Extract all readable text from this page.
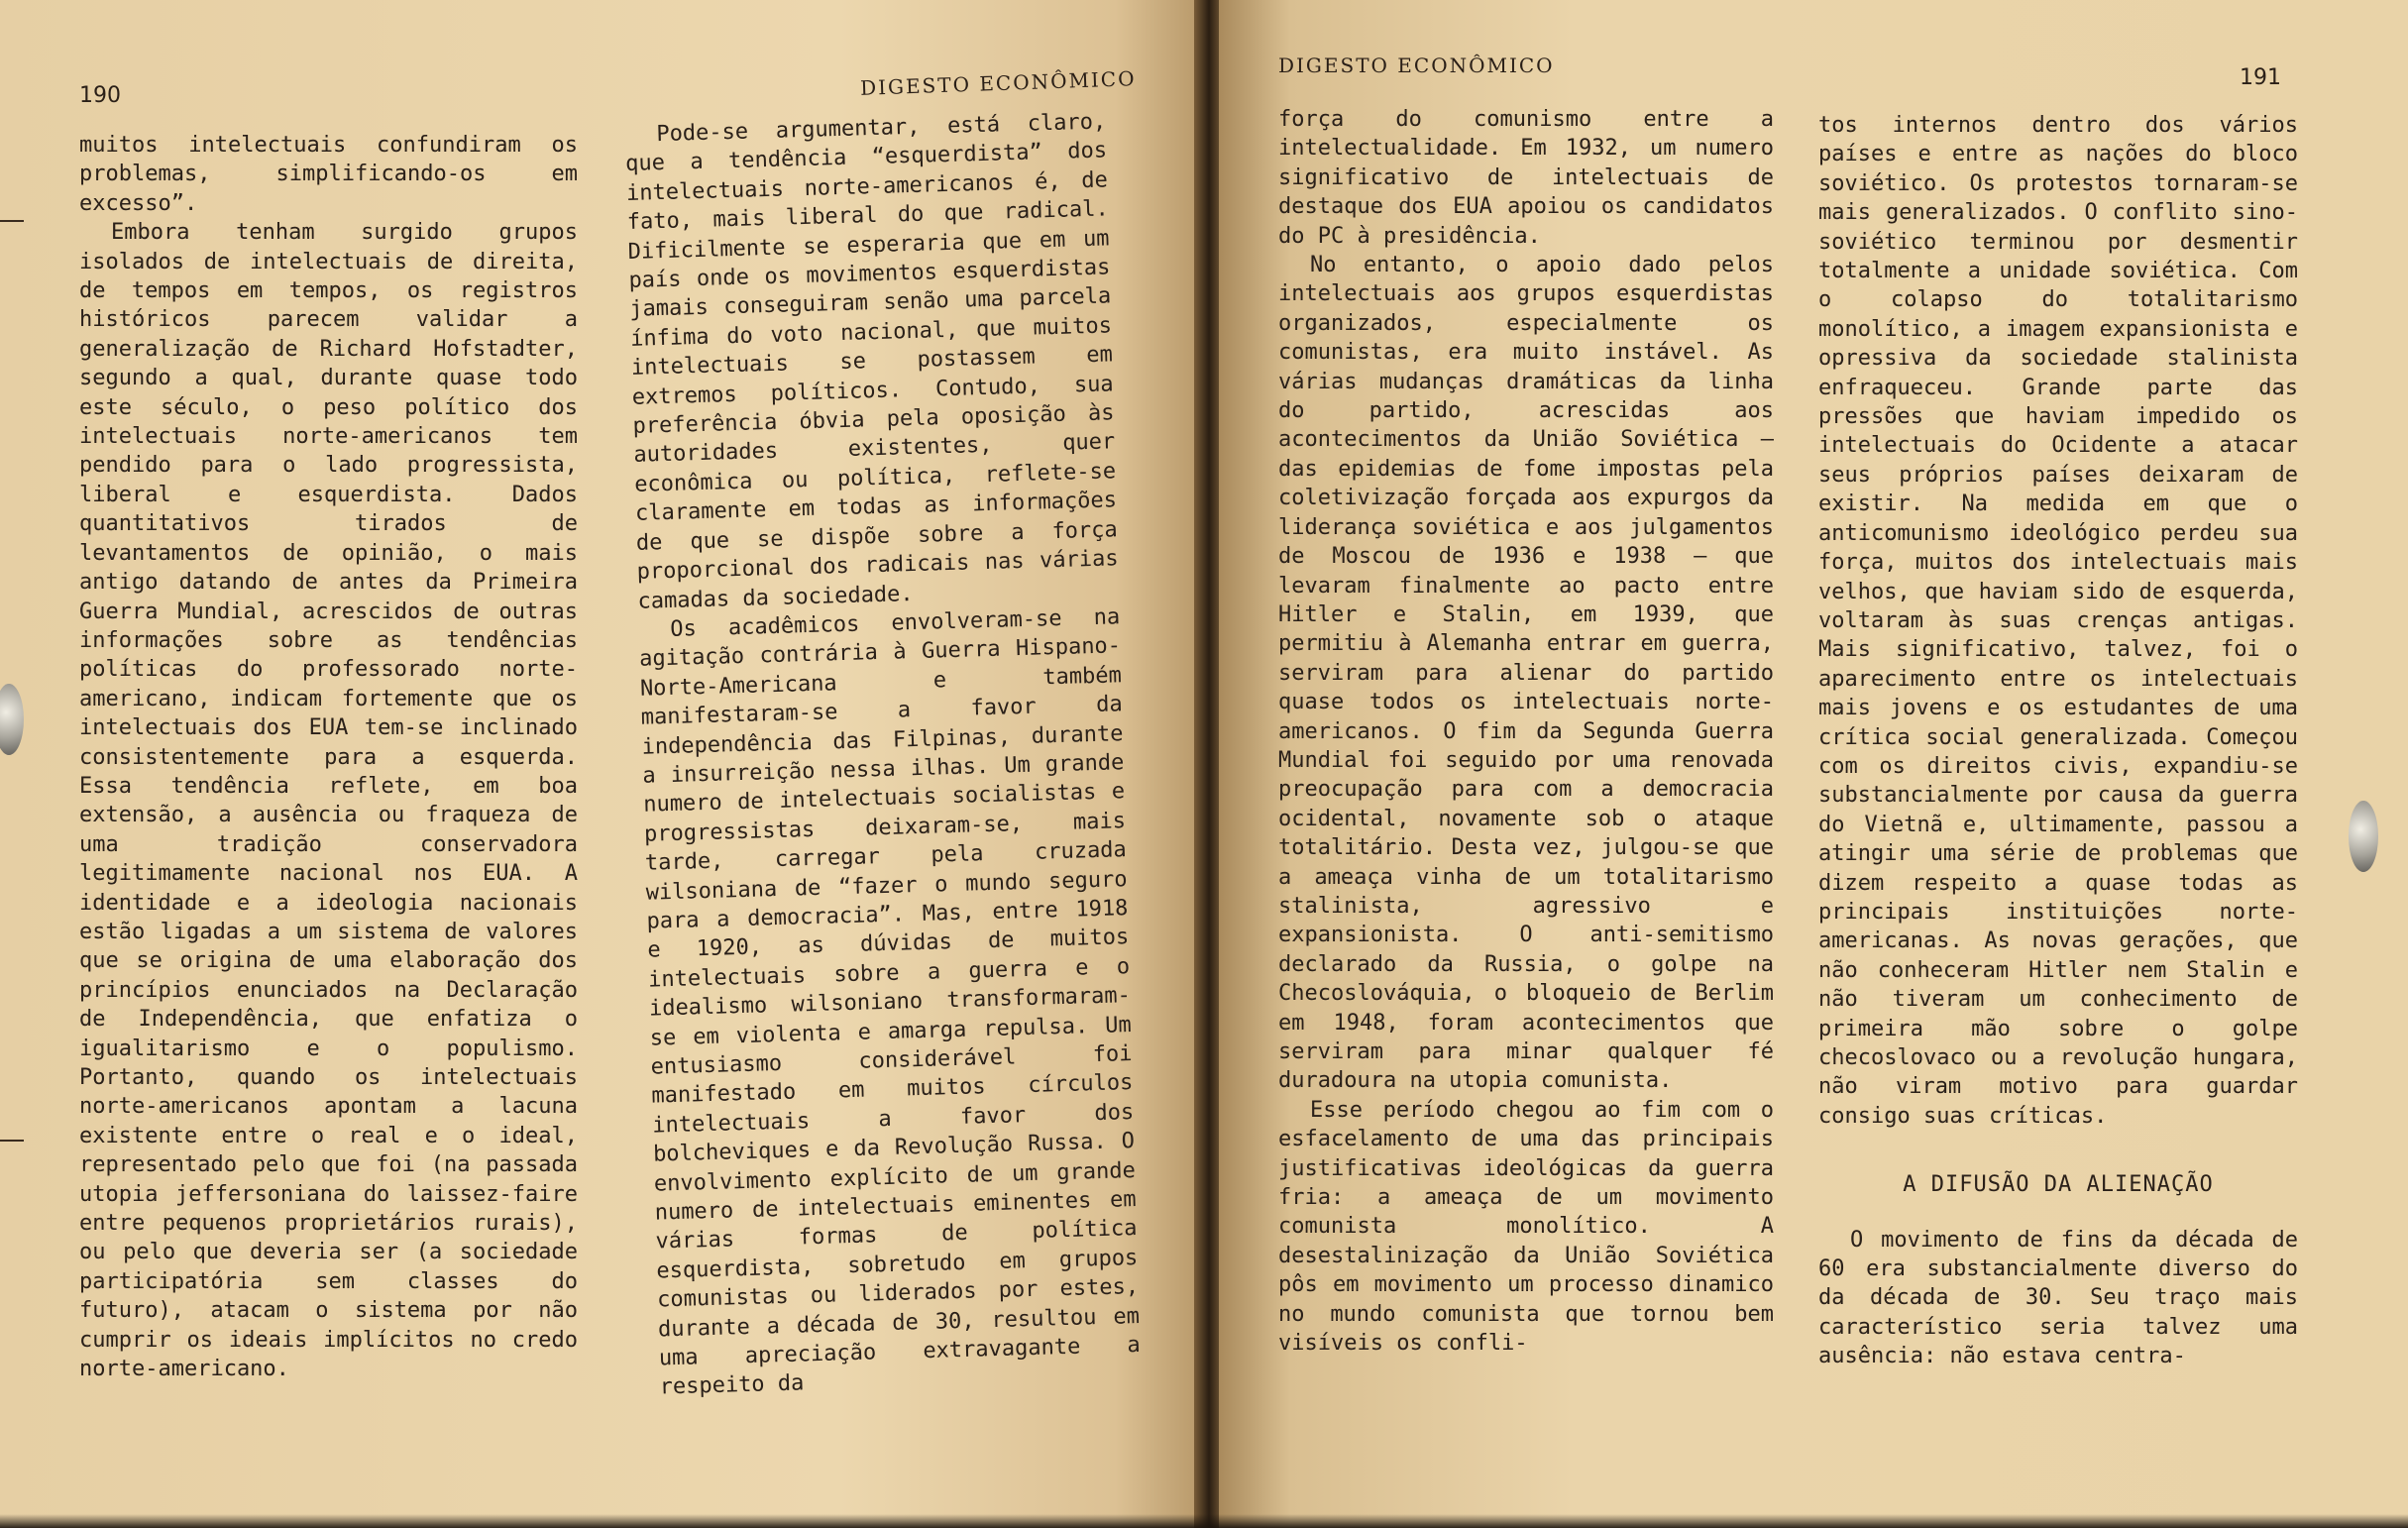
190	DIGESTO ECONÔMICO

muitos intelectuais confundiram os problemas, simplificando-os em excesso”.

Embora tenham surgido grupos isolados de intelectuais de direita, de tempos em tempos, os registros históricos parecem validar a generalização de Richard Hofstadter, segundo a qual, durante quase todo este século, o peso político dos intelectuais norte-americanos tem pendido para o lado progressista, liberal e esquerdista. Dados quantitativos tirados de levantamentos de opinião, o mais antigo datando de antes da Primeira Guerra Mundial, acrescidos de outras informações sobre as tendências políticas do professorado norte-americano, indicam fortemente que os intelectuais dos EUA tem-se inclinado consistentemente para a esquerda. Essa tendência reflete, em boa extensão, a ausência ou fraqueza de uma tradição conservadora legitimamente nacional nos EUA. A identidade e a ideologia nacionais estão ligadas a um sistema de valores que se origina de uma elaboração dos princípios enunciados na Declaração de Independência, que enfatiza o igualitarismo e o populismo. Portanto, quando os intelectuais norte-americanos apontam a lacuna existente entre o real e o ideal, representado pelo que foi (na passada utopia jeffersoniana do laissez-faire entre pequenos proprietários rurais), ou pelo que deveria ser (a sociedade participatória sem classes do futuro), atacam o sistema por não cumprir os ideais implícitos no credo norte-americano.

Pode-se argumentar, está claro, que a tendência “esquerdista” dos intelectuais norte-americanos é, de fato, mais liberal do que radical. Dificilmente se esperaria que em um país onde os movimentos esquerdistas jamais conseguiram senão uma parcela ínfima do voto nacional, que muitos intelectuais se postassem em extremos políticos. Contudo, sua preferência óbvia pela oposição às autoridades existentes, quer econômica ou política, reflete-se claramente em todas as informações de que se dispõe sobre a força proporcional dos radicais nas várias camadas da sociedade.

Os acadêmicos envolveram-se na agitação contrária à Guerra Hispano-Norte-Americana e também manifestaram-se a favor da independência das Filpinas, durante a insurreição nessa ilhas. Um grande numero de intelectuais socialistas e progressistas deixaram-se, mais tarde, carregar pela cruzada wilsoniana de “fazer o mundo seguro para a democracia”. Mas, entre 1918 e 1920, as dúvidas de muitos intelectuais sobre a guerra e o idealismo wilsoniano transformaram-se em violenta e amarga repulsa. Um entusiasmo considerável foi manifestado em muitos círculos intelectuais a favor dos bolcheviques e da Revolução Russa. O envolvimento explícito de um grande numero de intelectuais eminentes em várias formas de política esquerdista, sobretudo em grupos comunistas ou liderados por estes, durante a década de 30, resultou em uma apreciação extravagante a respeito da

DIGESTO ECONÔMICO	191

força do comunismo entre a intelectualidade. Em 1932, um numero significativo de intelectuais de destaque dos EUA apoiou os candidatos do PC à presidência.

No entanto, o apoio dado pelos intelectuais aos grupos esquerdistas organizados, especialmente os comunistas, era muito instável. As várias mudanças dramáticas da linha do partido, acrescidas aos acontecimentos da União Soviética — das epidemias de fome impostas pela coletivização forçada aos expurgos da liderança soviética e aos julgamentos de Moscou de 1936 e 1938 — que levaram finalmente ao pacto entre Hitler e Stalin, em 1939, que permitiu à Alemanha entrar em guerra, serviram para alienar do partido quase todos os intelectuais norte-americanos. O fim da Segunda Guerra Mundial foi seguido por uma renovada preocupação para com a democracia ocidental, novamente sob o ataque totalitário. Desta vez, julgou-se que a ameaça vinha de um totalitarismo stalinista, agressivo e expansionista. O anti-semitismo declarado da Russia, o golpe na Checoslováquia, o bloqueio de Berlim em 1948, foram acontecimentos que serviram para minar qualquer fé duradoura na utopia comunista.

Esse período chegou ao fim com o esfacelamento de uma das principais justificativas ideológicas da guerra fria: a ameaça de um movimento comunista monolítico. A desestalinização da União Soviética pôs em movimento um processo dinamico no mundo comunista que tornou bem visíveis os confli-

tos internos dentro dos vários países e entre as nações do bloco soviético. Os protestos tornaram-se mais generalizados. O conflito sino-soviético terminou por desmentir totalmente a unidade soviética. Com o colapso do totalitarismo monolítico, a imagem expansionista e opressiva da sociedade stalinista enfraqueceu. Grande parte das pressões que haviam impedido os intelectuais do Ocidente a atacar seus próprios países deixaram de existir. Na medida em que o anticomunismo ideológico perdeu sua força, muitos dos intelectuais mais velhos, que haviam sido de esquerda, voltaram às suas crenças antigas. Mais significativo, talvez, foi o aparecimento entre os intelectuais mais jovens e os estudantes de uma crítica social generalizada. Começou com os direitos civis, expandiu-se substancialmente por causa da guerra do Vietnã e, ultimamente, passou a atingir uma série de problemas que dizem respeito a quase todas as principais instituições norte-americanas. As novas gerações, que não conheceram Hitler nem Stalin e não tiveram um conhecimento de primeira mão sobre o golpe checoslovaco ou a revolução hungara, não viram motivo para guardar consigo suas críticas.

A DIFUSÃO DA ALIENAÇÃO

O movimento de fins da década de 60 era substancialmente diverso do da década de 30. Seu traço mais característico seria talvez uma ausência: não estava centra-
